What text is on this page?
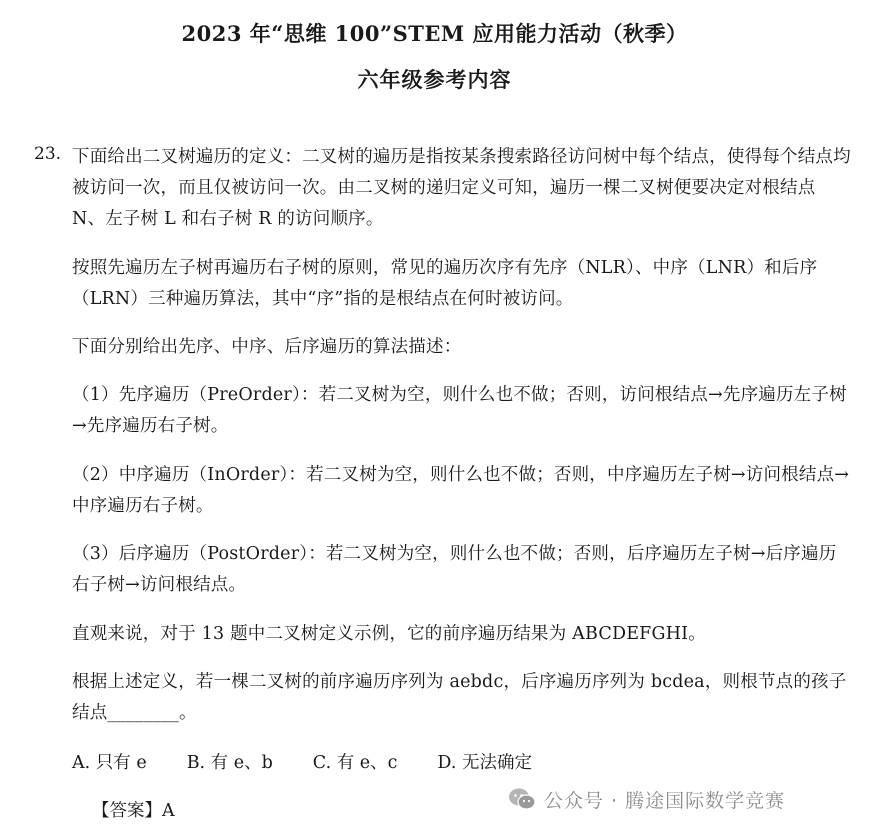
2023 年“思维 100”STEM 应用能力活动（秋季）
六年级参考内容
23. 下面给出二叉树遍历的定义：二叉树的遍历是指按某条搜索路径访问树中每个结点，使得每个结点均被访问一次，而且仅被访问一次。由二叉树的递归定义可知，遍历一棵二叉树便要决定对根结点 N、左子树 L 和右子树 R 的访问顺序。
按照先遍历左子树再遍历右子树的原则，常见的遍历次序有先序（NLR）、中序（LNR）和后序（LRN）三种遍历算法，其中“序”指的是根结点在何时被访问。
下面分别给出先序、中序、后序遍历的算法描述：
（1）先序遍历（PreOrder）：若二叉树为空，则什么也不做；否则，访问根结点→先序遍历左子树→先序遍历右子树。
（2）中序遍历（InOrder）：若二叉树为空，则什么也不做；否则，中序遍历左子树→访问根结点→中序遍历右子树。
（3）后序遍历（PostOrder）：若二叉树为空，则什么也不做；否则，后序遍历左子树→后序遍历右子树→访问根结点。
直观来说，对于 13 题中二叉树定义示例，它的前序遍历结果为 ABCDEFGHI。
根据上述定义，若一棵二叉树的前序遍历序列为 aebdc，后序遍历序列为 bcdea，则根节点的孩子结点________。
A. 只有 e B. 有 e、b C. 有 e、c D. 无法确定
【答案】A	公众号 · 腾途国际数学竞赛
